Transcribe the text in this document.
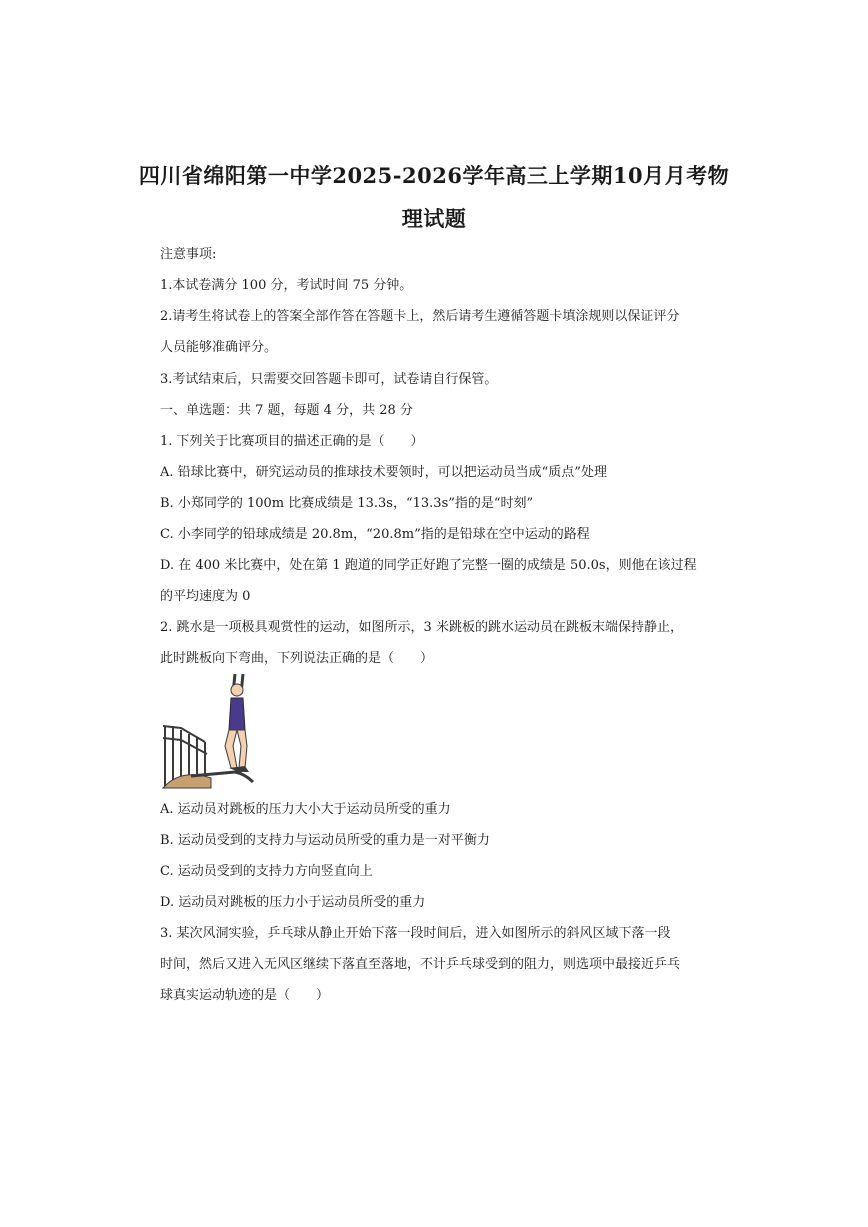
四川省绵阳第一中学2025-2026学年高三上学期10月月考物
理试题
注意事项:
1.本试卷满分 100 分，考试时间 75 分钟。
2.请考生将试卷上的答案全部作答在答题卡上，然后请考生遵循答题卡填涂规则以保证评分
人员能够准确评分。
3.考试结束后，只需要交回答题卡即可，试卷请自行保管。
一、单选题：共 7 题，每题 4 分，共 28 分
1. 下列关于比赛项目的描述正确的是（　　）
A. 铅球比赛中，研究运动员的推球技术要领时，可以把运动员当成“质点”处理
B. 小郑同学的 100m 比赛成绩是 13.3s，“13.3s”指的是“时刻”
C. 小李同学的铅球成绩是 20.8m，“20.8m”指的是铅球在空中运动的路程
D. 在 400 米比赛中，处在第 1 跑道的同学正好跑了完整一圈的成绩是 50.0s，则他在该过程
的平均速度为 0
2. 跳水是一项极具观赏性的运动，如图所示，3 米跳板的跳水运动员在跳板末端保持静止，
此时跳板向下弯曲，下列说法正确的是（　　）
A. 运动员对跳板的压力大小大于运动员所受的重力
B. 运动员受到的支持力与运动员所受的重力是一对平衡力
C. 运动员受到的支持力方向竖直向上
D. 运动员对跳板的压力小于运动员所受的重力
3. 某次风洞实验，乒乓球从静止开始下落一段时间后，进入如图所示的斜风区域下落一段
时间，然后又进入无风区继续下落直至落地，不计乒乓球受到的阻力，则选项中最接近乒乓
球真实运动轨迹的是（　　）
